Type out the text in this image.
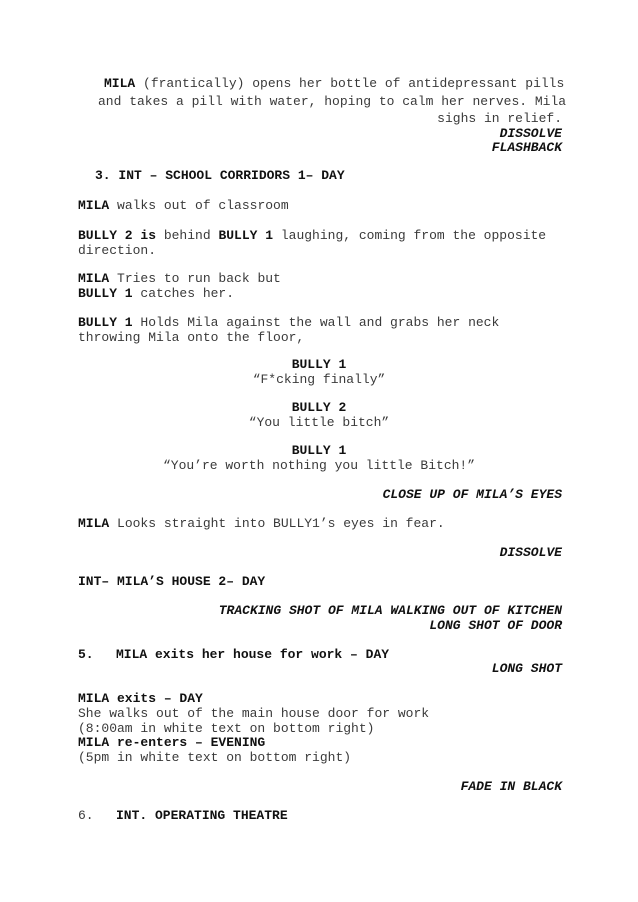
MILA (frantically) opens her bottle of antidepressant pills
and takes a pill with water, hoping to calm her nerves. Mila
sighs in relief.
DISSOLVE
FLASHBACK
3. INT – SCHOOL CORRIDORS 1– DAY
MILA walks out of classroom
BULLY 2 is behind BULLY 1 laughing, coming from the opposite
direction.
MILA Tries to run back but
BULLY 1 catches her.
BULLY 1 Holds Mila against the wall and grabs her neck
throwing Mila onto the floor,
BULLY 1
“F*cking finally”
BULLY 2
“You little bitch”
BULLY 1
“You’re worth nothing you little Bitch!”
CLOSE UP OF MILA’S EYES
MILA Looks straight into BULLY1’s eyes in fear.
DISSOLVE
INT– MILA’S HOUSE 2– DAY
TRACKING SHOT OF MILA WALKING OUT OF KITCHEN
LONG SHOT OF DOOR
5. MILA exits her house for work – DAY
LONG SHOT
MILA exits – DAY
She walks out of the main house door for work
(8:00am in white text on bottom right)
MILA re-enters – EVENING
(5pm in white text on bottom right)
FADE IN BLACK
6. INT. OPERATING THEATRE
